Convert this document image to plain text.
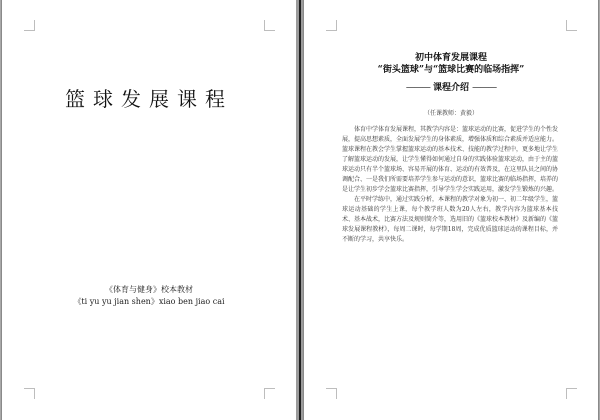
篮球发展课程
《体育与健身》校本教材
《ti yu yu jian shen》xiao ben jiao cai
初中体育发展课程
“街头篮球”与“篮球比赛的临场指挥”
——— 课程介绍 ———
（任课教师：黄毅）

体育中学体育发展课程，其教学内容是：篮球运动的比赛，促进学生的个性发展，提高思想素质，全面发展学生的身体素质，增强体质和综合素质并适应能力。篮球课程在教会学生掌握篮球运动的基本技术、技能的教学过程中，更多地让学生了解篮球运动的发展，让学生懂得如何通过自身的实践体验篮球运动，由于主的篮球运动只有半个篮球场、容易开展的体育、运动的有效普及，在这里队员之间的协调配合、一是我们所需要培养学生参与运动的意识，篮球比赛的临场指挥，培养的是让学生初步学会篮球比赛指挥，引导学生学会实践运用，激发学生锻炼的兴趣。

在平时学练中，通过实践分析，本课程的教学对象为初一、初二年级学生，篮球运动基础的学生上课，每个教学班人数为20人左右，教学内容为篮球基本技术、基本战术，比赛方法及规则简介等，选用旧的《篮球校本教材》及新编的《篮球发展课程教材》，每周二课时，每学期18周，完成优质篮球运动的课程目标，并不断的学习，共享快乐。
